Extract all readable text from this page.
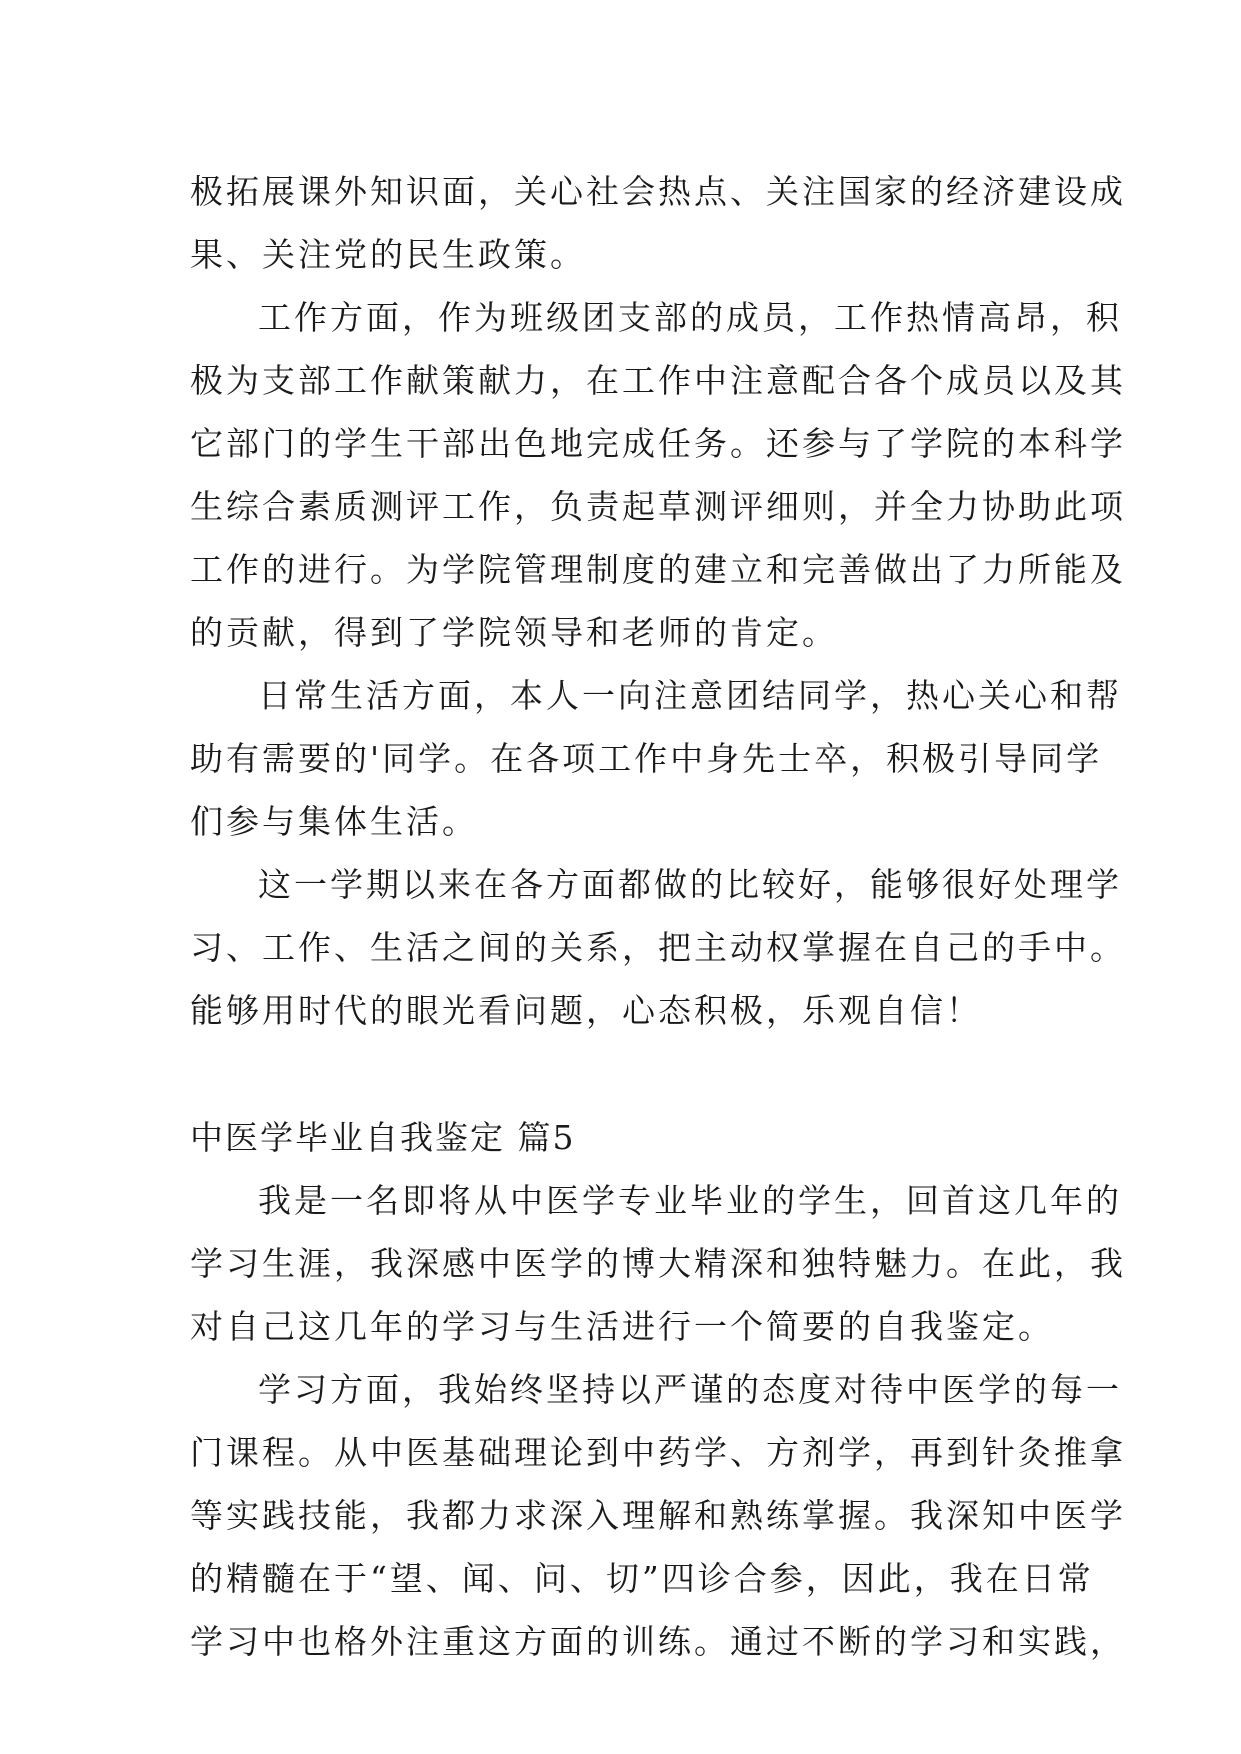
极拓展课外知识面，关心社会热点、关注国家的经济建设成
果、关注党的民生政策。
工作方面，作为班级团支部的成员，工作热情高昂，积
极为支部工作献策献力，在工作中注意配合各个成员以及其
它部门的学生干部出色地完成任务。还参与了学院的本科学
生综合素质测评工作，负责起草测评细则，并全力协助此项
工作的进行。为学院管理制度的建立和完善做出了力所能及
的贡献，得到了学院领导和老师的肯定。
日常生活方面，本人一向注意团结同学，热心关心和帮
助有需要的'同学。在各项工作中身先士卒，积极引导同学
们参与集体生活。
这一学期以来在各方面都做的比较好，能够很好处理学
习、工作、生活之间的关系，把主动权掌握在自己的手中。
能够用时代的眼光看问题，心态积极，乐观自信！
中医学毕业自我鉴定 篇5
我是一名即将从中医学专业毕业的学生，回首这几年的
学习生涯，我深感中医学的博大精深和独特魅力。在此，我
对自己这几年的学习与生活进行一个简要的自我鉴定。
学习方面，我始终坚持以严谨的态度对待中医学的每一
门课程。从中医基础理论到中药学、方剂学，再到针灸推拿
等实践技能，我都力求深入理解和熟练掌握。我深知中医学
的精髓在于“望、闻、问、切”四诊合参，因此，我在日常
学习中也格外注重这方面的训练。通过不断的学习和实践，
